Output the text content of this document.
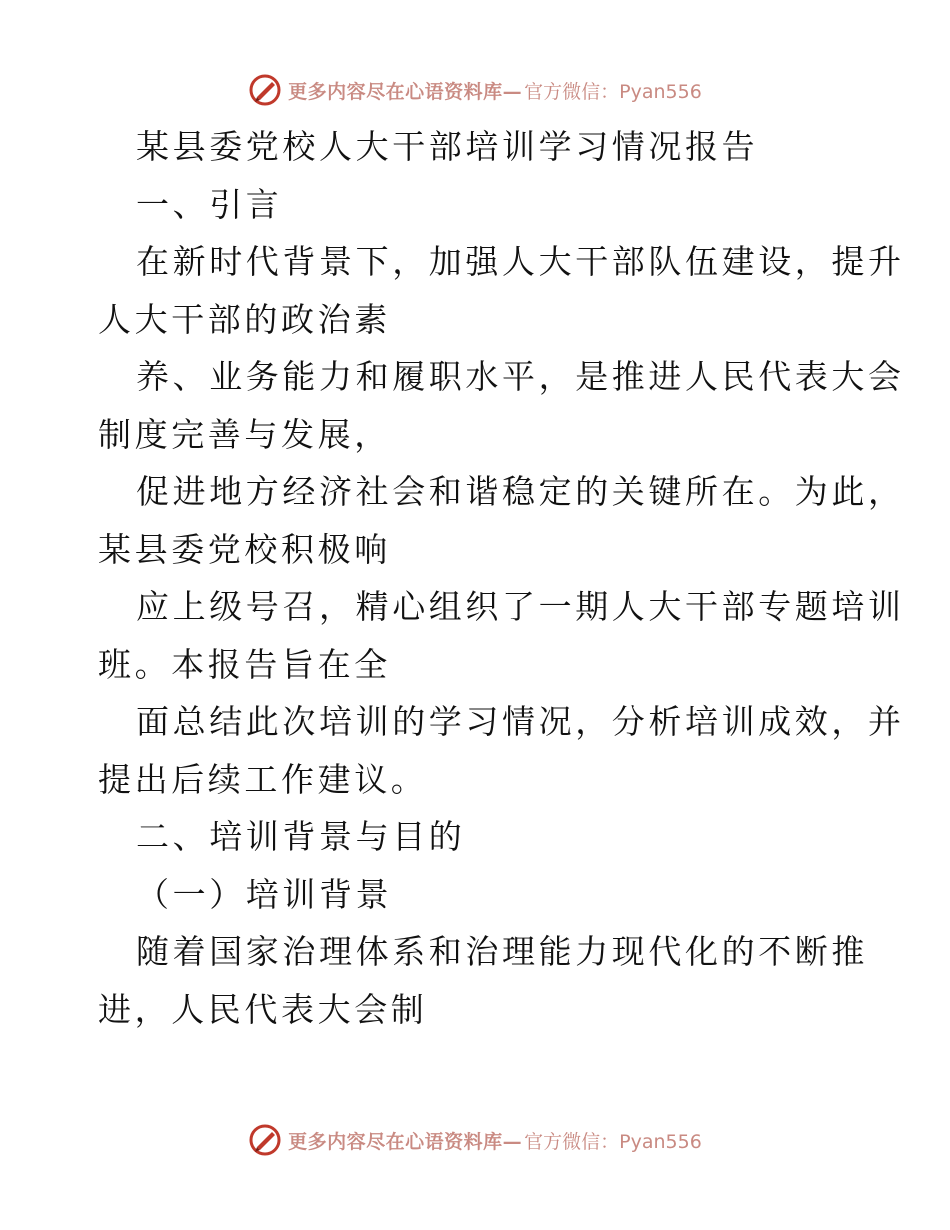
更多内容尽在心语资料库— 官方微信：Pyan556

某县委党校人大干部培训学习情况报告

一、引言

在新时代背景下，加强人大干部队伍建设，提升

人大干部的政治素

养、业务能力和履职水平，是推进人民代表大会

制度完善与发展，

促进地方经济社会和谐稳定的关键所在。为此，

某县委党校积极响

应上级号召，精心组织了一期人大干部专题培训

班。本报告旨在全

面总结此次培训的学习情况，分析培训成效，并

提出后续工作建议。

二、培训背景与目的

（一）培训背景

随着国家治理体系和治理能力现代化的不断推

进，人民代表大会制

更多内容尽在心语资料库— 官方微信：Pyan556
